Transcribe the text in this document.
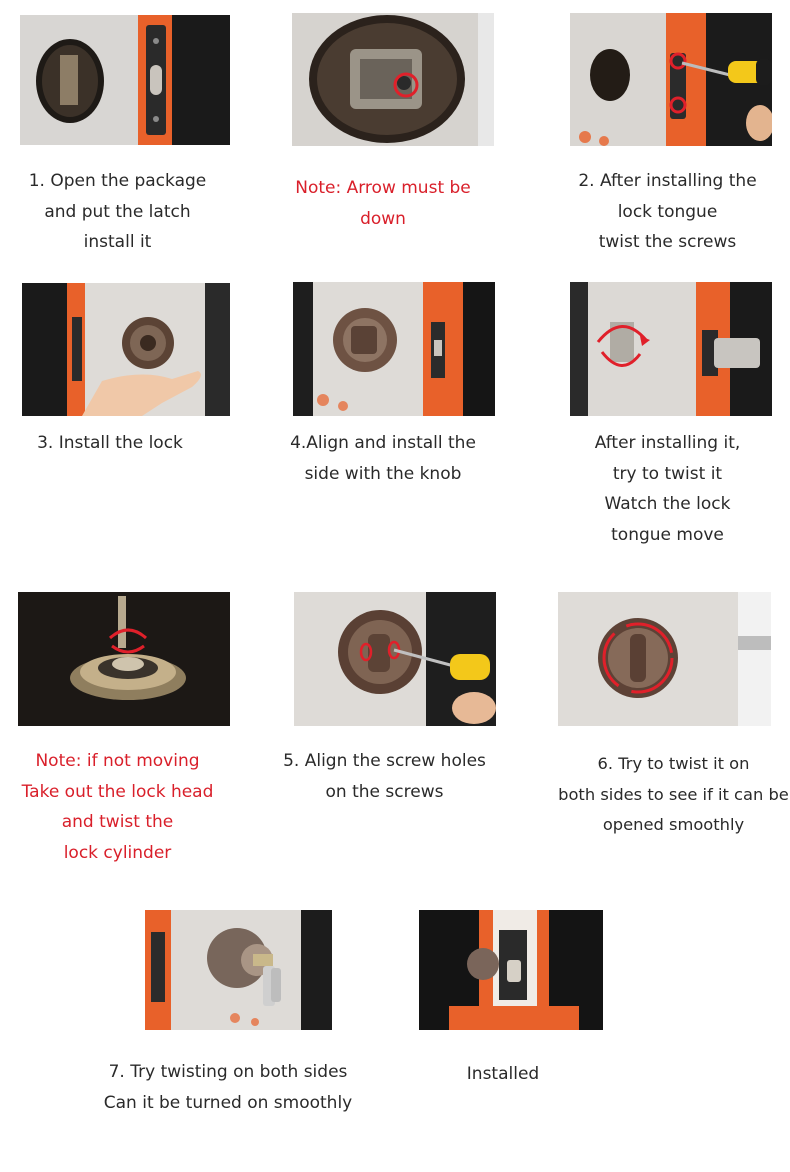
1. Open the package
and put the latch
install it
Note: Arrow must be
down
2. After installing the
lock tongue
twist the screws
3. Install the lock	4.Align and install the
side with the knob
After installing it,
try to twist it
Watch the lock
tongue move
Note: if not moving
Take out the lock head
and twist the
lock cylinder
5. Align the screw holes
on the screws
6. Try to twist it on
both sides to see if it can be
opened smoothly
7. Try twisting on both sides
Can it be turned on smoothly
Installed
